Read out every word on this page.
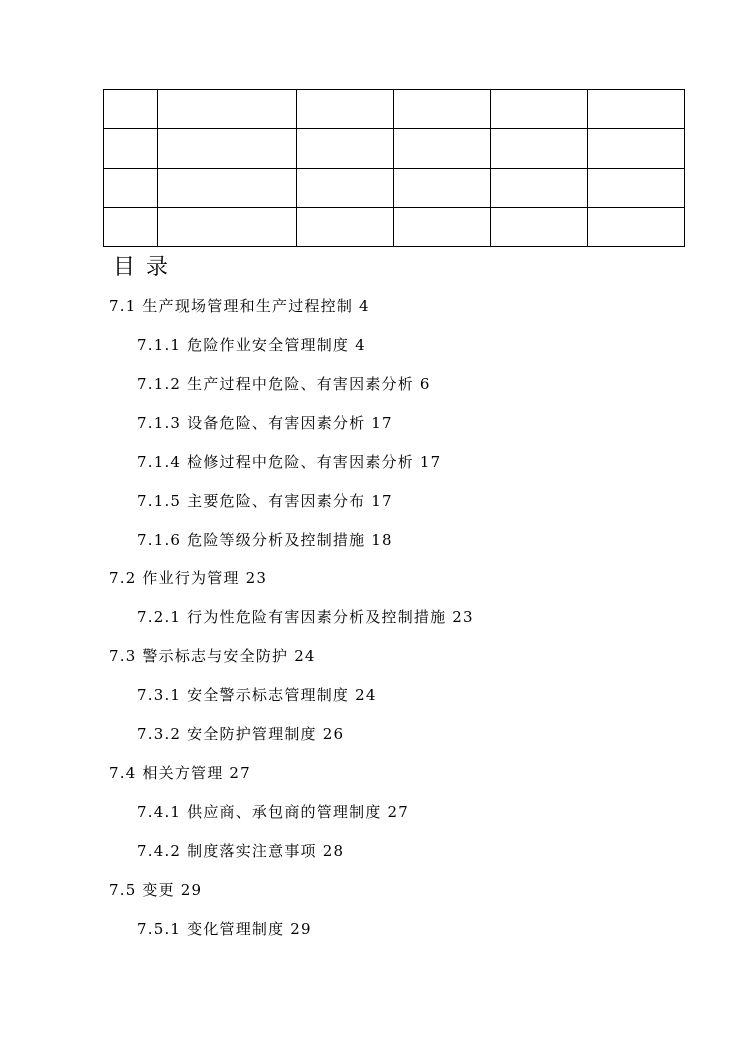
目 录
7.1 生产现场管理和生产过程控制 4
7.1.1 危险作业安全管理制度 4
7.1.2 生产过程中危险、有害因素分析 6
7.1.3 设备危险、有害因素分析 17
7.1.4 检修过程中危险、有害因素分析 17
7.1.5 主要危险、有害因素分布 17
7.1.6 危险等级分析及控制措施 18
7.2 作业行为管理 23
7.2.1 行为性危险有害因素分析及控制措施 23
7.3 警示标志与安全防护 24
7.3.1 安全警示标志管理制度 24
7.3.2 安全防护管理制度 26
7.4 相关方管理 27
7.4.1 供应商、承包商的管理制度 27
7.4.2 制度落实注意事项 28
7.5 变更 29
7.5.1 变化管理制度 29
